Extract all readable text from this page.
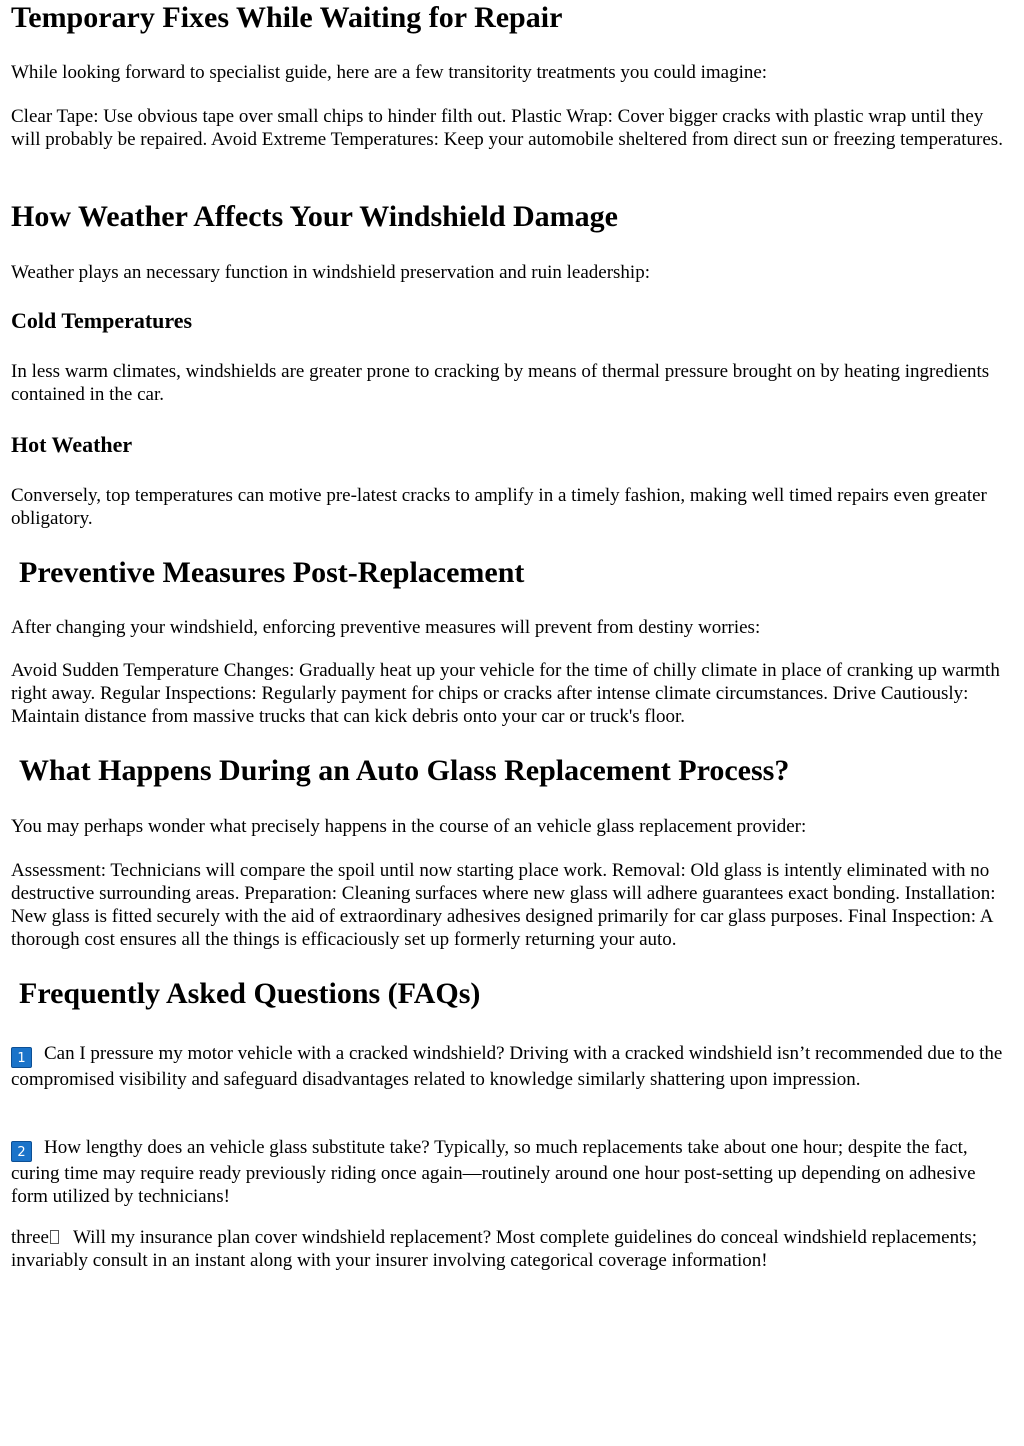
Temporary Fixes While Waiting for Repair

While looking forward to specialist guide, here are a few transitority treatments you could imagine:

Clear Tape: Use obvious tape over small chips to hinder filth out. Plastic Wrap: Cover bigger cracks with plastic wrap until they will probably be repaired. Avoid Extreme Temperatures: Keep your automobile sheltered from direct sun or freezing temperatures.

How Weather Affects Your Windshield Damage

Weather plays an necessary function in windshield preservation and ruin leadership:

Cold Temperatures

In less warm climates, windshields are greater prone to cracking by means of thermal pressure brought on by heating ingredients contained in the car.

Hot Weather

Conversely, top temperatures can motive pre-latest cracks to amplify in a timely fashion, making well timed repairs even greater obligatory.

Preventive Measures Post-Replacement

After changing your windshield, enforcing preventive measures will prevent from destiny worries:

Avoid Sudden Temperature Changes: Gradually heat up your vehicle for the time of chilly climate in place of cranking up warmth right away. Regular Inspections: Regularly payment for chips or cracks after intense climate circumstances. Drive Cautiously: Maintain distance from massive trucks that can kick debris onto your car or truck's floor.

What Happens During an Auto Glass Replacement Process?

You may perhaps wonder what precisely happens in the course of an vehicle glass replacement provider:

Assessment: Technicians will compare the spoil until now starting place work. Removal: Old glass is intently eliminated with no destructive surrounding areas. Preparation: Cleaning surfaces where new glass will adhere guarantees exact bonding. Installation: New glass is fitted securely with the aid of extraordinary adhesives designed primarily for car glass purposes. Final Inspection: A thorough cost ensures all the things is efficaciously set up formerly returning your auto.

Frequently Asked Questions (FAQs)

1 Can I pressure my motor vehicle with a cracked windshield? Driving with a cracked windshield isn’t recommended due to the compromised visibility and safeguard disadvantages related to knowledge similarly shattering upon impression.

2 How lengthy does an vehicle glass substitute take? Typically, so much replacements take about one hour; despite the fact, curing time may require ready previously riding once again—routinely around one hour post-setting up depending on adhesive form utilized by technicians!

three Will my insurance plan cover windshield replacement? Most complete guidelines do conceal windshield replacements; invariably consult in an instant along with your insurer involving categorical coverage information!
